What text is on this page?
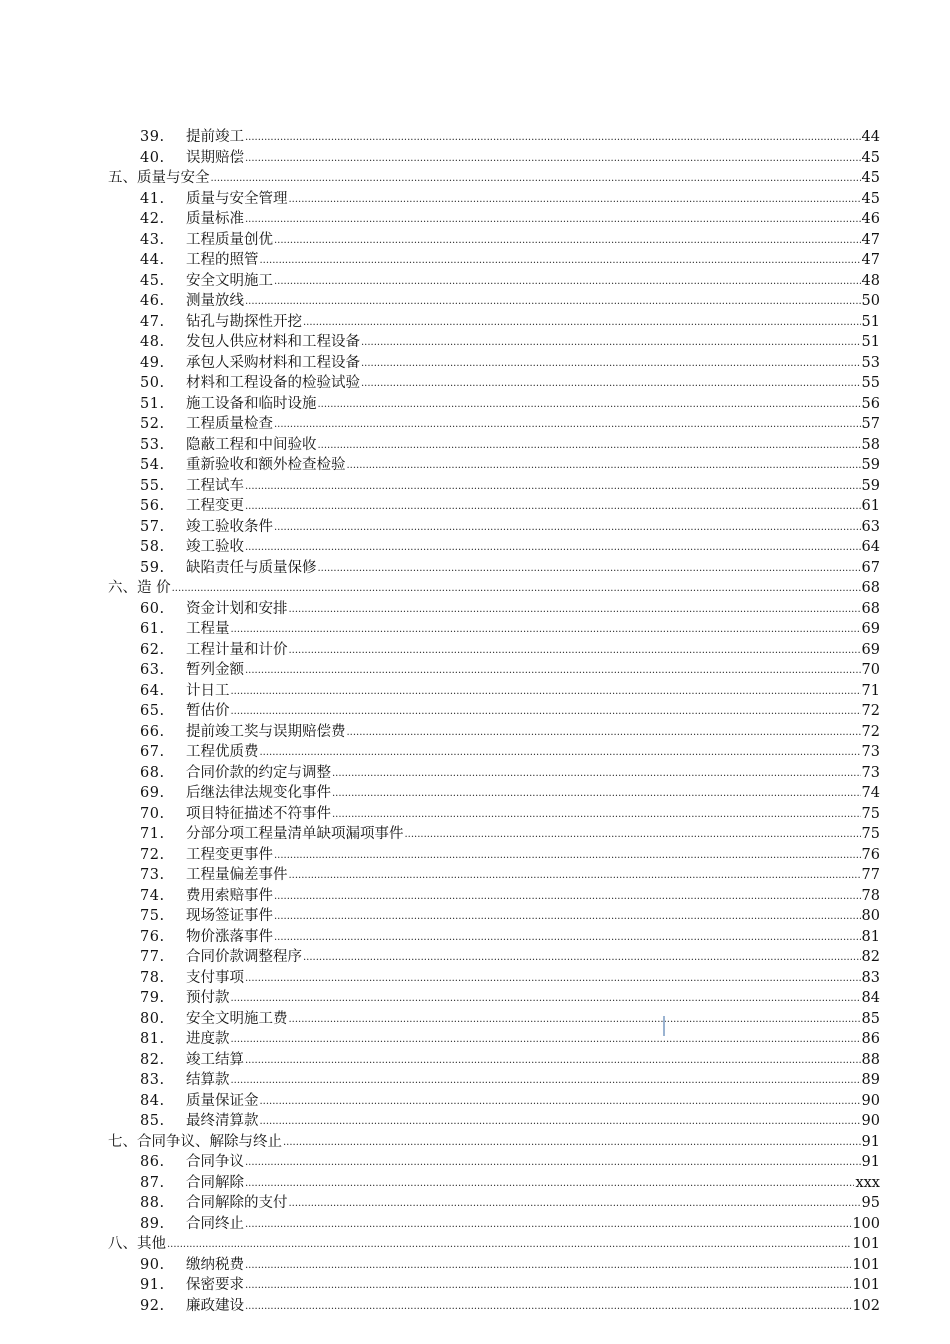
39.	提前竣工 .....	44
40.	误期赔偿 .....	45
五、质量与安全 .....	45
41.	质量与安全管理 .....	45
42.	质量标准 .....	46
43.	工程质量创优 .....	47
44.	工程的照管 .....	47
45.	安全文明施工 .....	48
46.	测量放线 .....	50
47.	钻孔与勘探性开挖 .....	51
48.	发包人供应材料和工程设备 .....	51
49.	承包人采购材料和工程设备 .....	53
50.	材料和工程设备的检验试验 .....	55
51.	施工设备和临时设施 .....	56
52.	工程质量检查 .....	57
53.	隐蔽工程和中间验收 .....	58
54.	重新验收和额外检查检验 .....	59
55.	工程试车 .....	59
56.	工程变更 .....	61
57.	竣工验收条件 .....	63
58.	竣工验收 .....	64
59.	缺陷责任与质量保修 .....	67
六、造 价 .....	68
60.	资金计划和安排 .....	68
61.	工程量 .....	69
62.	工程计量和计价 .....	69
63.	暂列金额 .....	70
64.	计日工 .....	71
65.	暂估价 .....	72
66.	提前竣工奖与误期赔偿费 .....	72
67.	工程优质费 .....	73
68.	合同价款的约定与调整 .....	73
69.	后继法律法规变化事件 .....	74
70.	项目特征描述不符事件 .....	75
71.	分部分项工程量清单缺项漏项事件 .....	75
72.	工程变更事件 .....	76
73.	工程量偏差事件 .....	77
74.	费用索赔事件 .....	78
75.	现场签证事件 .....	80
76.	物价涨落事件 .....	81
77.	合同价款调整程序 .....	82
78.	支付事项 .....	83
79.	预付款 .....	84
80.	安全文明施工费 .....	85
81.	进度款 .....	86
82.	竣工结算 .....	88
83.	结算款 .....	89
84.	质量保证金 .....	90
85.	最终清算款 .....	90
七、合同争议、解除与终止 .....	91
86.	合同争议 .....	91
87.	合同解除 .....	xxx
88.	合同解除的支付 .....	95
89.	合同终止 .....	100
八、其他 .....	101
90.	缴纳税费 .....	101
91.	保密要求 .....	101
92.	廉政建设 .....	102
